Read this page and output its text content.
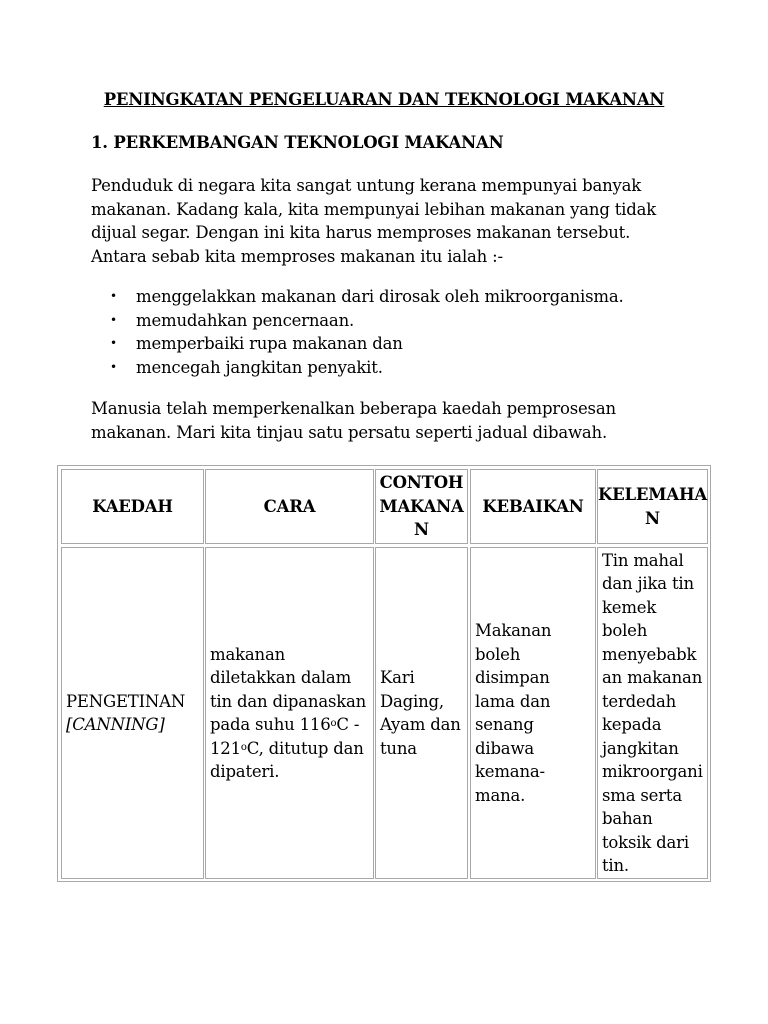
PENINGKATAN PENGELUARAN DAN TEKNOLOGI MAKANAN
1. PERKEMBANGAN TEKNOLOGI MAKANAN
Penduduk di negara kita sangat untung kerana mempunyai banyak
makanan. Kadang kala, kita mempunyai lebihan makanan yang tidak
dijual segar. Dengan ini kita harus memproses makanan tersebut.
Antara sebab kita memproses makanan itu ialah :-
• menggelakkan makanan dari dirosak oleh mikroorganisma.
• memudahkan pencernaan.
• memperbaiki rupa makanan dan
• mencegah jangkitan penyakit.
Manusia telah memperkenalkan beberapa kaedah pemprosesan
makanan. Mari kita tinjau satu persatu seperti jadual dibawah.
KAEDAH	CARA
CONTOH
MAKANA
N
KEBAIKAN
KELEMAHA
N
PENGETINAN
[CANNING]
makanan
diletakkan dalam
tin dan dipanaskan
pada suhu 116$^o$C -
121$^o$C, ditutup dan
dipateri.
Kari
Daging,
Ayam dan
tuna
Makanan
boleh
disimpan
lama dan
senang
dibawa
kemana-
mana.
Tin mahal
dan jika tin
kemek
boleh
menyebabk
an makanan
terdedah
kepada
jangkitan
mikroorgani
sma serta
bahan
toksik dari
tin.
